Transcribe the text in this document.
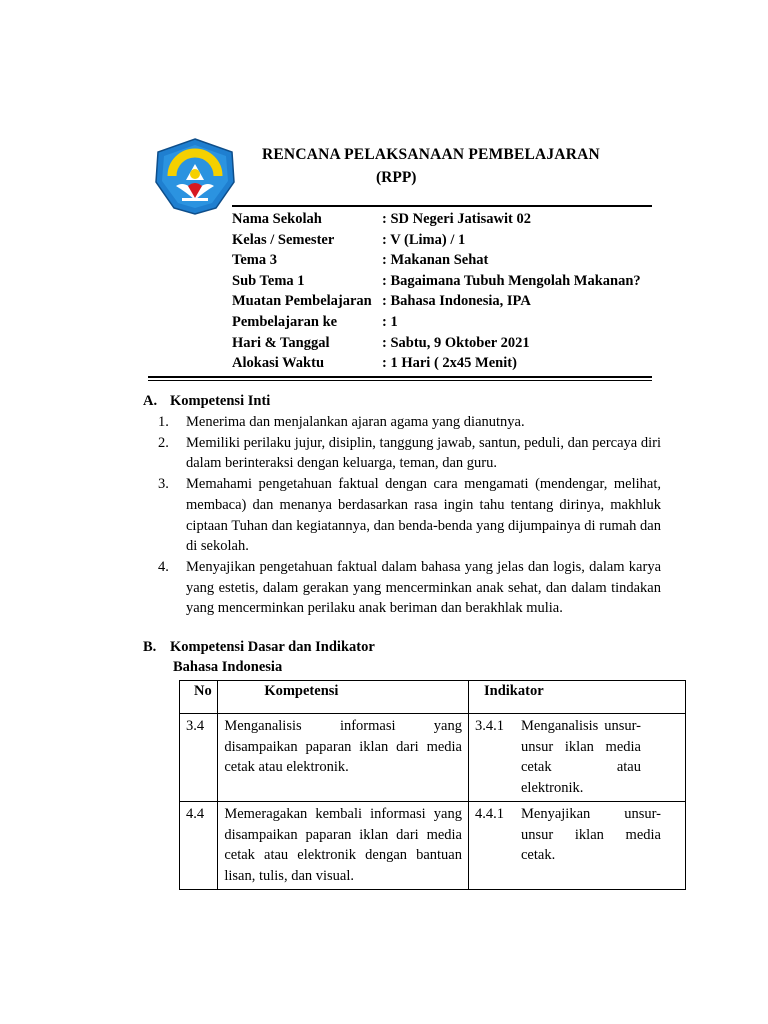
RENCANA PELAKSANAAN PEMBELAJARAN
(RPP)
Nama Sekolah	: SD Negeri Jatisawit 02
Kelas / Semester	: V (Lima) / 1
Tema 3	: Makanan Sehat
Sub Tema 1	: Bagaimana Tubuh Mengolah Makanan?
Muatan Pembelajaran : Bahasa Indonesia, IPA
Pembelajaran ke	: 1
Hari & Tanggal	: Sabtu, 9 Oktober 2021
Alokasi Waktu	: 1 Hari ( 2x45 Menit)
A. Kompetensi Inti
1.	Menerima dan menjalankan ajaran agama yang dianutnya.
2.	Memiliki perilaku jujur, disiplin, tanggung jawab, santun, peduli, dan percaya diri dalam berinteraksi dengan keluarga, teman, dan guru.
3.	Memahami pengetahuan faktual dengan cara mengamati (mendengar, melihat, membaca) dan menanya berdasarkan rasa ingin tahu tentang dirinya, makhluk ciptaan Tuhan dan kegiatannya, dan benda-benda yang dijumpainya di rumah dan di sekolah.
4.	Menyajikan pengetahuan faktual dalam bahasa yang jelas dan logis, dalam karya yang estetis, dalam gerakan yang mencerminkan anak sehat, dan dalam tindakan yang mencerminkan perilaku anak beriman dan berakhlak mulia.
B. Kompetensi Dasar dan Indikator
Bahasa Indonesia
No	Kompetensi	Indikator

3.4	Menganalisis informasi yang disampaikan paparan iklan dari media cetak atau elektronik.	3.4.1 Menganalisis unsur-unsur iklan media cetak atau elektronik.

4.4	Memeragakan kembali informasi yang disampaikan paparan iklan dari media cetak atau elektronik dengan bantuan lisan, tulis, dan visual.	4.4.1 Menyajikan unsur-unsur iklan media cetak.
